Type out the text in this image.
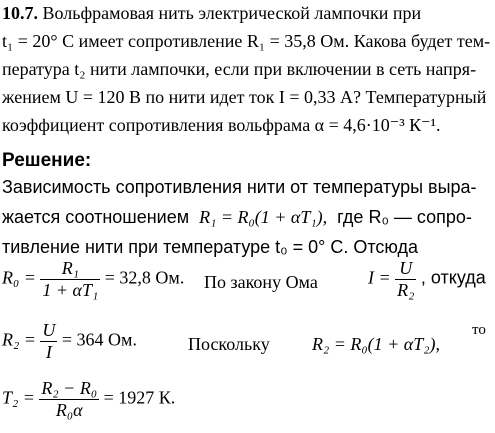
10.7. Вольфрамовая нить электрической лампочки при
t₁ = 20° C имеет сопротивление R₁ = 35,8 Ом. Какова будет тем-
пература t₂ нити лампочки, если при включении в сеть напря-
жением U = 120 В по нити идет ток I = 0,33 А? Температурный
коэффициент сопротивления вольфрама α = 4,6·10⁻³ К⁻¹.
Решение:
Зависимость сопротивления нити от температуры выра-
жается соотношением R₁ = R₀(1 + αT₁), где R₀ — сопро-
тивление нити при температуре t₀ = 0° C. Отсюда
$R_0 = \frac{\text{R₁}}{\text{1 + αT₁}} = 32,8$ Ом. По закону Ома	$I = \frac{U}{\text{R₂}}$ , откуда
$R_2 = \frac{U}{I} = 364$ Ом.	Поскольку R₂ = R₀(1 + αT₂),
то
$T_2 = \frac{\text{R₂ − R₀}}{\text{R₀α}} = 1927$ К.
